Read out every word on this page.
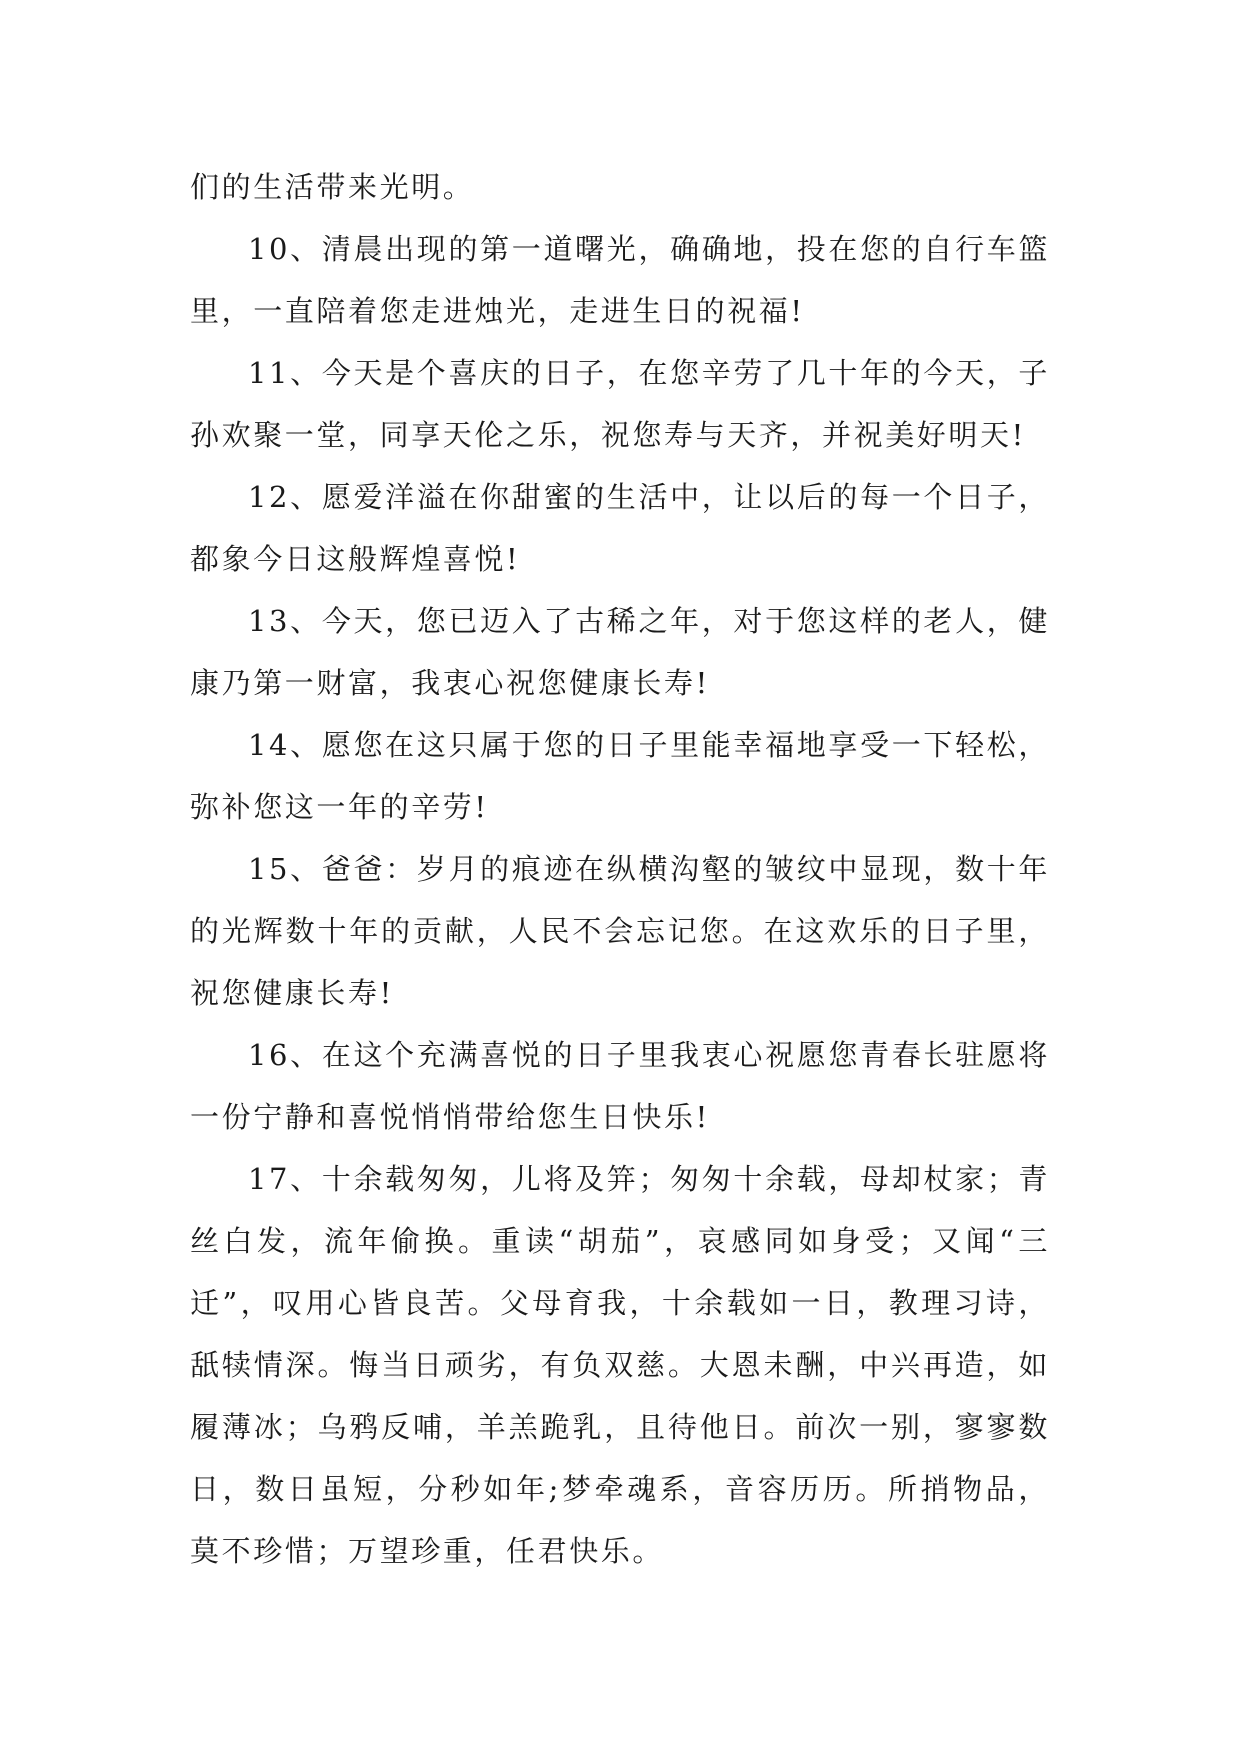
们的生活带来光明。

10、清晨出现的第一道曙光，确确地，投在您的自行车篮里，一直陪着您走进烛光，走进生日的祝福!

11、今天是个喜庆的日子，在您辛劳了几十年的今天，子孙欢聚一堂，同享天伦之乐，祝您寿与天齐，并祝美好明天!

12、愿爱洋溢在你甜蜜的生活中，让以后的每一个日子，都象今日这般辉煌喜悦!

13、今天，您已迈入了古稀之年，对于您这样的老人，健康乃第一财富，我衷心祝您健康长寿!

14、愿您在这只属于您的日子里能幸福地享受一下轻松，弥补您这一年的辛劳!

15、爸爸：岁月的痕迹在纵横沟壑的皱纹中显现，数十年的光辉数十年的贡献，人民不会忘记您。在这欢乐的日子里，祝您健康长寿!

16、在这个充满喜悦的日子里我衷心祝愿您青春长驻愿将一份宁静和喜悦悄悄带给您生日快乐!

17、十余载匆匆，儿将及笄；匆匆十余载，母却杖家；青丝白发，流年偷换。重读“胡茄”，哀感同如身受；又闻“三迁”，叹用心皆良苦。父母育我，十余载如一日，教理习诗，舐犊情深。悔当日顽劣，有负双慈。大恩未酬，中兴再造，如履薄冰；乌鸦反哺，羊羔跪乳，且待他日。前次一别，寥寥数日，数日虽短，分秒如年;梦牵魂系，音容历历。所捎物品，莫不珍惜；万望珍重，任君快乐。
